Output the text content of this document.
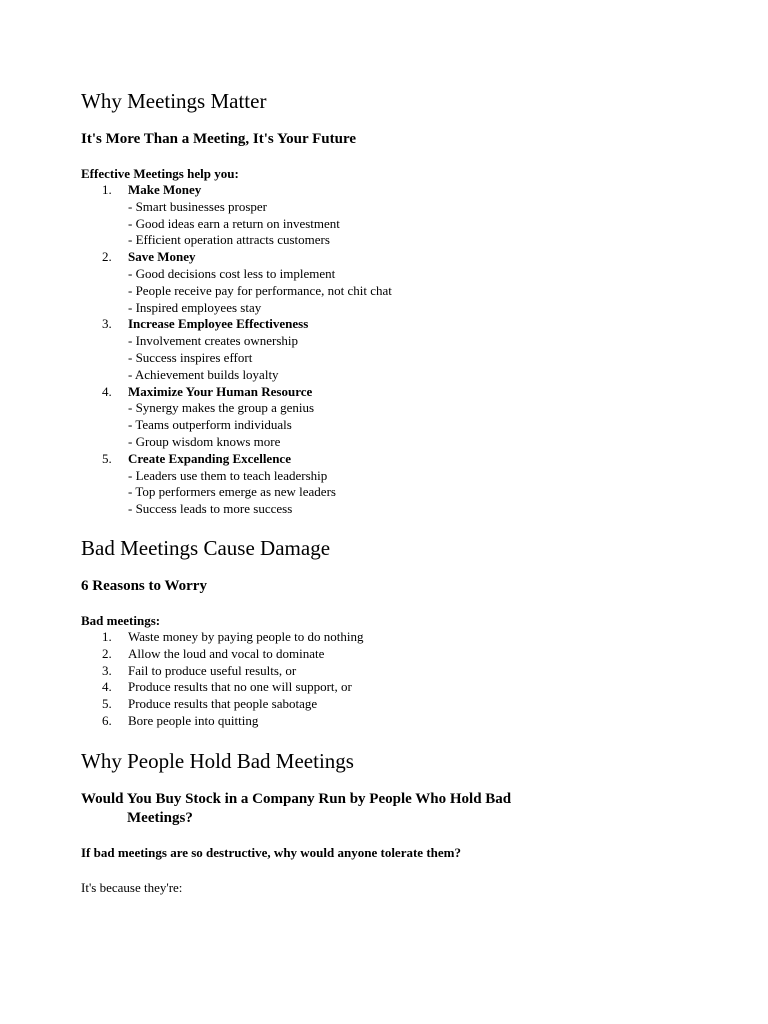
Why Meetings Matter
It's More Than a Meeting, It's Your Future

Effective Meetings help you:

1.	Make Money
- Smart businesses prosper
- Good ideas earn a return on investment
- Efficient operation attracts customers
2.	Save Money
- Good decisions cost less to implement
- People receive pay for performance, not chit chat
- Inspired employees stay
3.	Increase Employee Effectiveness
- Involvement creates ownership
- Success inspires effort
- Achievement builds loyalty
4.	Maximize Your Human Resource
- Synergy makes the group a genius
- Teams outperform individuals
- Group wisdom knows more
5.	Create Expanding Excellence
- Leaders use them to teach leadership
- Top performers emerge as new leaders
- Success leads to more success
Bad Meetings Cause Damage
6 Reasons to Worry

Bad meetings:

1.	Waste money by paying people to do nothing
2.	Allow the loud and vocal to dominate
3.	Fail to produce useful results, or
4.	Produce results that no one will support, or
5.	Produce results that people sabotage
6.	Bore people into quitting
Why People Hold Bad Meetings
Would You Buy Stock in a Company Run by People Who Hold Bad
Meetings?

If bad meetings are so destructive, why would anyone tolerate them?

It's because they're:
